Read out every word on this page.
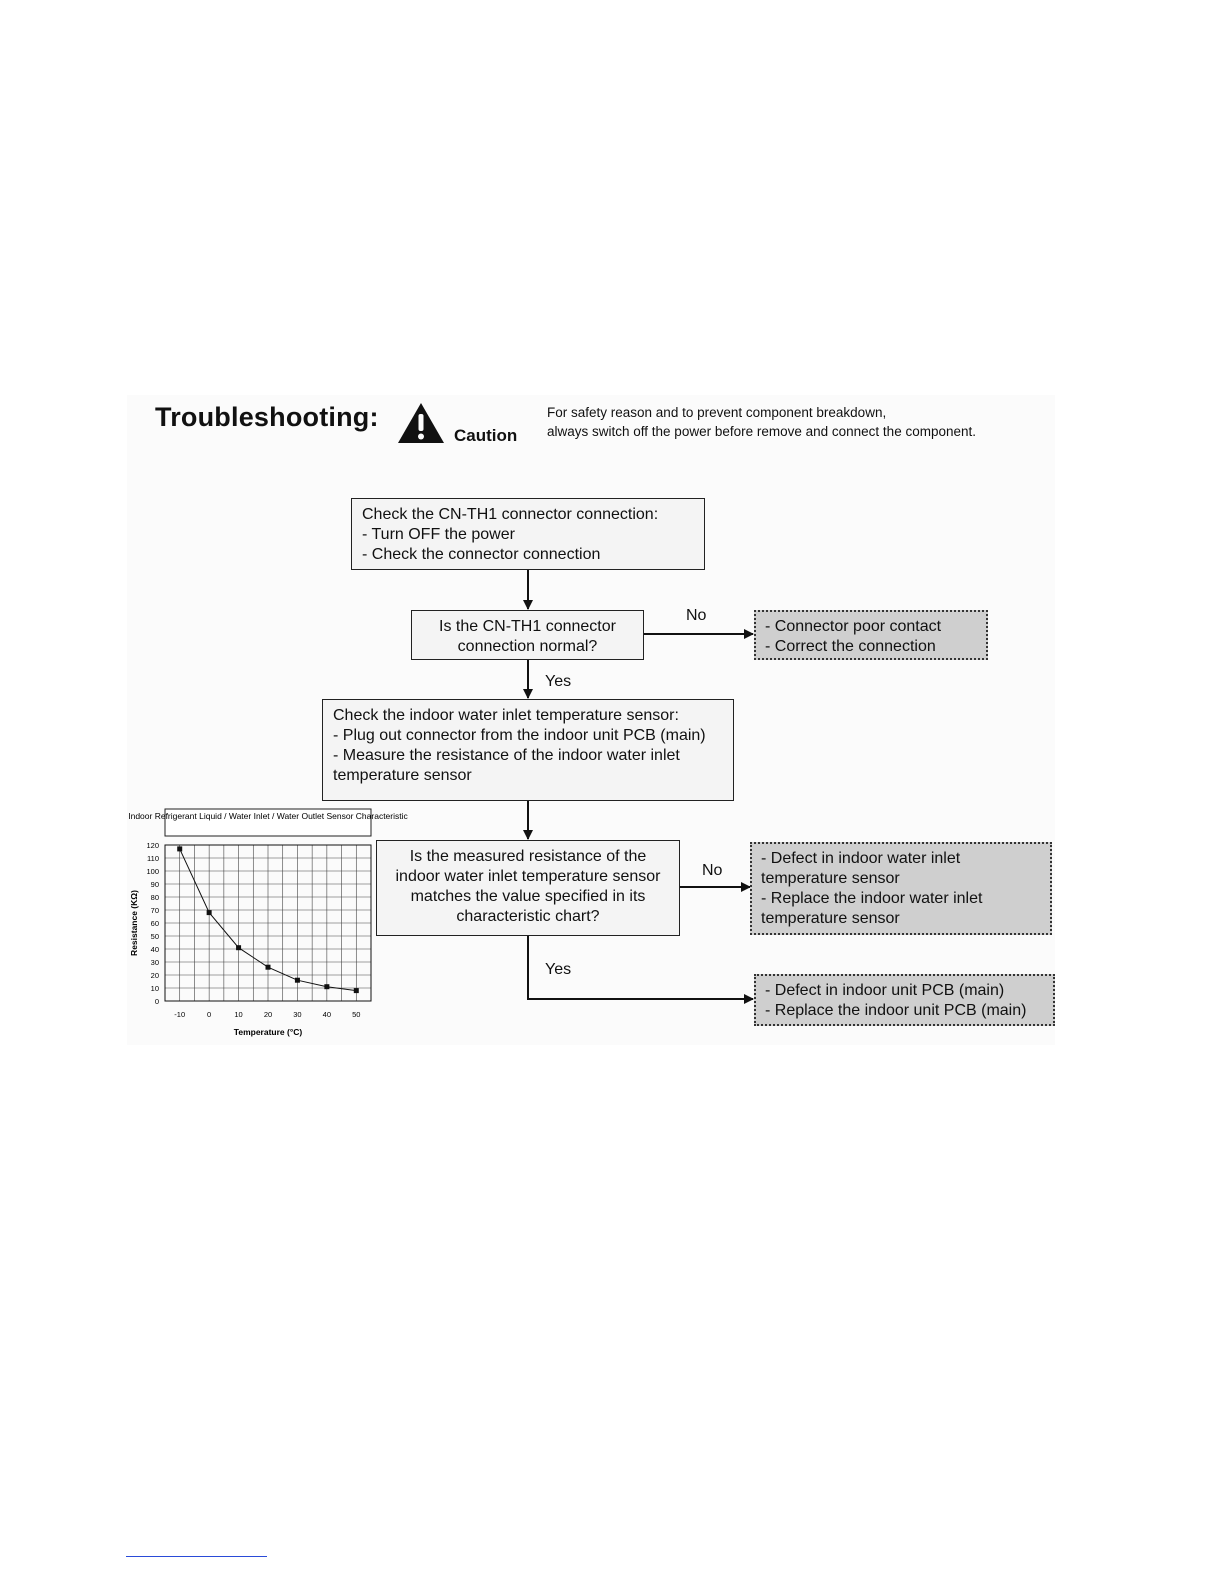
Troubleshooting:
Caution
For safety reason and to prevent component breakdown,
always switch off the power before remove and connect the component.
Check the CN-TH1 connector connection:
- Turn OFF the power
- Check the connector connection
Is the CN-TH1 connector
connection normal?
- Connector poor contact
- Correct the connection
Check the indoor water inlet temperature sensor:
- Plug out connector from the indoor unit PCB (main)
- Measure the resistance of the indoor water inlet
temperature sensor
Is the measured resistance of the
indoor water inlet temperature sensor
matches the value specified in its
characteristic chart?
- Defect in indoor water inlet
temperature sensor
- Replace the indoor water inlet
temperature sensor
- Defect in indoor unit PCB (main)
- Replace the indoor unit PCB (main)
No
Yes
No
Yes
Indoor Refrigerant Liquid / Water Inlet / Water Outlet Sensor Characteristic
0
10
20
30
40
50
60
70
80
90
100
110
120
-10	0	10	20	30	40	50
Temperature (°C)
Resistance (KΩ)
